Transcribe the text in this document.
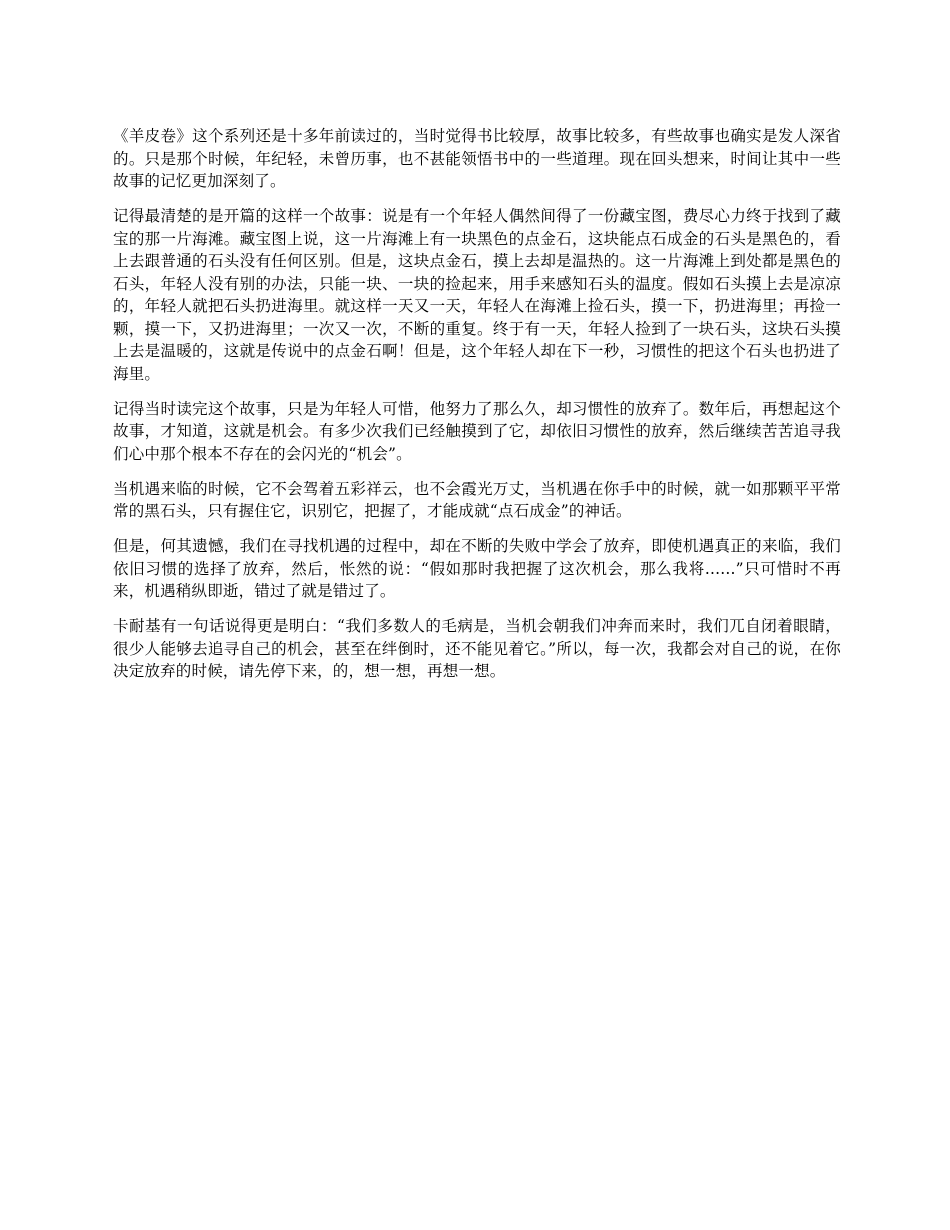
《羊皮卷》这个系列还是十多年前读过的，当时觉得书比较厚，故事比较多，有些故事也确实是发人深省的。只是那个时候，年纪轻，未曾历事，也不甚能领悟书中的一些道理。现在回头想来，时间让其中一些故事的记忆更加深刻了。

记得最清楚的是开篇的这样一个故事：说是有一个年轻人偶然间得了一份藏宝图，费尽心力终于找到了藏宝的那一片海滩。藏宝图上说，这一片海滩上有一块黑色的点金石，这块能点石成金的石头是黑色的，看上去跟普通的石头没有任何区别。但是，这块点金石，摸上去却是温热的。这一片海滩上到处都是黑色的石头，年轻人没有别的办法，只能一块、一块的捡起来，用手来感知石头的温度。假如石头摸上去是凉凉的，年轻人就把石头扔进海里。就这样一天又一天，年轻人在海滩上捡石头，摸一下，扔进海里；再捡一颗，摸一下，又扔进海里；一次又一次，不断的重复。终于有一天，年轻人捡到了一块石头，这块石头摸上去是温暖的，这就是传说中的点金石啊！但是，这个年轻人却在下一秒，习惯性的把这个石头也扔进了海里。

记得当时读完这个故事，只是为年轻人可惜，他努力了那么久，却习惯性的放弃了。数年后，再想起这个故事，才知道，这就是机会。有多少次我们已经触摸到了它，却依旧习惯性的放弃，然后继续苦苦追寻我们心中那个根本不存在的会闪光的“机会”。

当机遇来临的时候，它不会驾着五彩祥云，也不会霞光万丈，当机遇在你手中的时候，就一如那颗平平常常的黑石头，只有握住它，识别它，把握了，才能成就“点石成金”的神话。

但是，何其遗憾，我们在寻找机遇的过程中，却在不断的失败中学会了放弃，即使机遇真正的来临，我们依旧习惯的选择了放弃，然后，怅然的说：“假如那时我把握了这次机会，那么我将......”只可惜时不再来，机遇稍纵即逝，错过了就是错过了。

卡耐基有一句话说得更是明白：“我们多数人的毛病是，当机会朝我们冲奔而来时，我们兀自闭着眼睛，很少人能够去追寻自己的机会，甚至在绊倒时，还不能见着它。”所以，每一次，我都会对自己的说，在你决定放弃的时候，请先停下来，的，想一想，再想一想。
